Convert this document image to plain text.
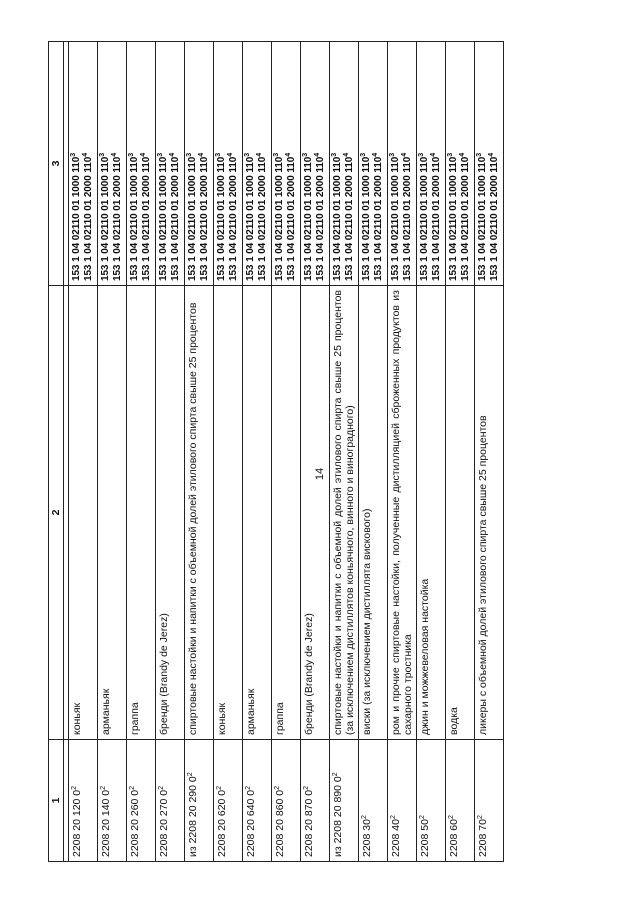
14
1	2	3

2208 20 120 $0^2$	коньяк	153 1 04 02110 01 1000 $110^3$
153 1 04 02110 01 2000 $110^4$

2208 20 140 $0^2$	арманьяк	153 1 04 02110 01 1000 $110^3$
153 1 04 02110 01 2000 $110^4$

2208 20 260 $0^2$	граппа	153 1 04 02110 01 1000 $110^3$
153 1 04 02110 01 2000 $110^4$

2208 20 270 $0^2$	бренди (Brandy de Jerez)	153 1 04 02110 01 1000 $110^3$
153 1 04 02110 01 2000 $110^4$

из 2208 20 290 $0^2$	спиртовые настойки и напитки с объемной долей этилового спирта свыше 25 процентов	153 1 04 02110 01 1000 $110^3$
153 1 04 02110 01 2000 $110^4$

2208 20 620 $0^2$	коньяк	153 1 04 02110 01 1000 $110^3$
153 1 04 02110 01 2000 $110^4$

2208 20 640 $0^2$	арманьяк	153 1 04 02110 01 1000 $110^3$
153 1 04 02110 01 2000 $110^4$

2208 20 860 $0^2$	граппа	153 1 04 02110 01 1000 $110^3$
153 1 04 02110 01 2000 $110^4$

2208 20 870 $0^2$	бренди (Brandy de Jerez)	153 1 04 02110 01 1000 $110^3$
153 1 04 02110 01 2000 $110^4$

из 2208 20 890 $0^2$	спиртовые настойки и напитки с объемной долей этилового спирта свыше 25 процентов (за исключением дистиллятов коньячного, винного и виноградного)	153 1 04 02110 01 1000 $110^3$
153 1 04 02110 01 2000 $110^4$

2208 $30^2$	виски (за исключением дистиллята вискового)	153 1 04 02110 01 1000 $110^3$
153 1 04 02110 01 2000 $110^4$

2208 $40^2$	ром и прочие спиртовые настойки, полученные дистилляцией сброженных продуктов из сахарного тростника	153 1 04 02110 01 1000 $110^3$
153 1 04 02110 01 2000 $110^4$

2208 $50^2$	джин и можжевеловая настойка	153 1 04 02110 01 1000 $110^3$
153 1 04 02110 01 2000 $110^4$

2208 $60^2$	водка	153 1 04 02110 01 1000 $110^3$
153 1 04 02110 01 2000 $110^4$

2208 $70^2$	ликеры с объемной долей этилового спирта свыше 25 процентов	153 1 04 02110 01 1000 $110^3$
153 1 04 02110 01 2000 $110^4$
